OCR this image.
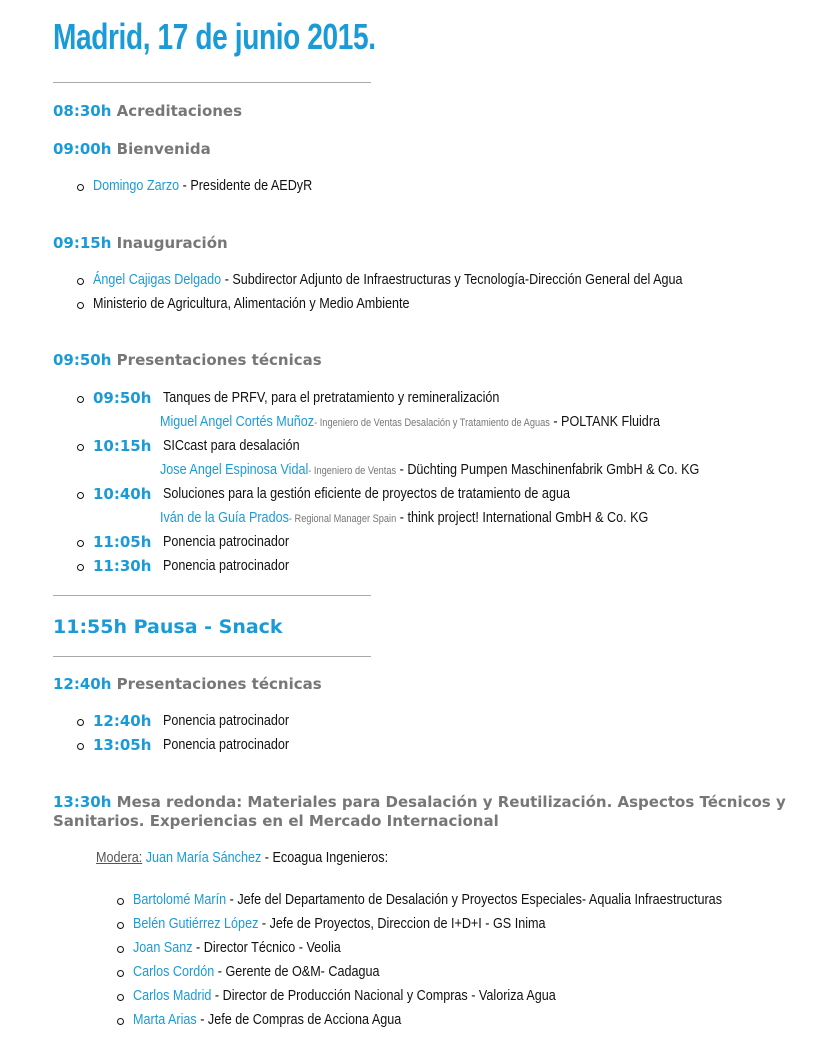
Madrid, 17 de junio 2015.
08:30h Acreditaciones
09:00h Bienvenida
Domingo Zarzo - Presidente de AEDyR
09:15h Inauguración
Ángel Cajigas Delgado - Subdirector Adjunto de Infraestructuras y Tecnología-Dirección General del Agua
Ministerio de Agricultura, Alimentación y Medio Ambiente
09:50h Presentaciones técnicas
09:50h Tanques de PRFV, para el pretratamiento y remineralización
Miguel Angel Cortés Muñoz- Ingeniero de Ventas Desalación y Tratamiento de Aguas - POLTANK Fluidra
10:15h SICcast para desalación
Jose Angel Espinosa Vidal- Ingeniero de Ventas - Düchting Pumpen Maschinenfabrik GmbH & Co. KG
10:40h Soluciones para la gestión eficiente de proyectos de tratamiento de agua
Iván de la Guía Prados- Regional Manager Spain - think project! International GmbH & Co. KG
11:05h Ponencia patrocinador
11:30h Ponencia patrocinador
11:55h Pausa - Snack
12:40h Presentaciones técnicas
12:40h Ponencia patrocinador
13:05h Ponencia patrocinador
13:30h Mesa redonda: Materiales para Desalación y Reutilización. Aspectos Técnicos y Sanitarios. Experiencias en el Mercado Internacional
Modera: Juan María Sánchez - Ecoagua Ingenieros:
Bartolomé Marín - Jefe del Departamento de Desalación y Proyectos Especiales- Aqualia Infraestructuras
Belén Gutiérrez López - Jefe de Proyectos, Direccion de I+D+I - GS Inima
Joan Sanz - Director Técnico - Veolia
Carlos Cordón - Gerente de O&M- Cadagua
Carlos Madrid - Director de Producción Nacional y Compras - Valoriza Agua
Marta Arias - Jefe de Compras de Acciona Agua
